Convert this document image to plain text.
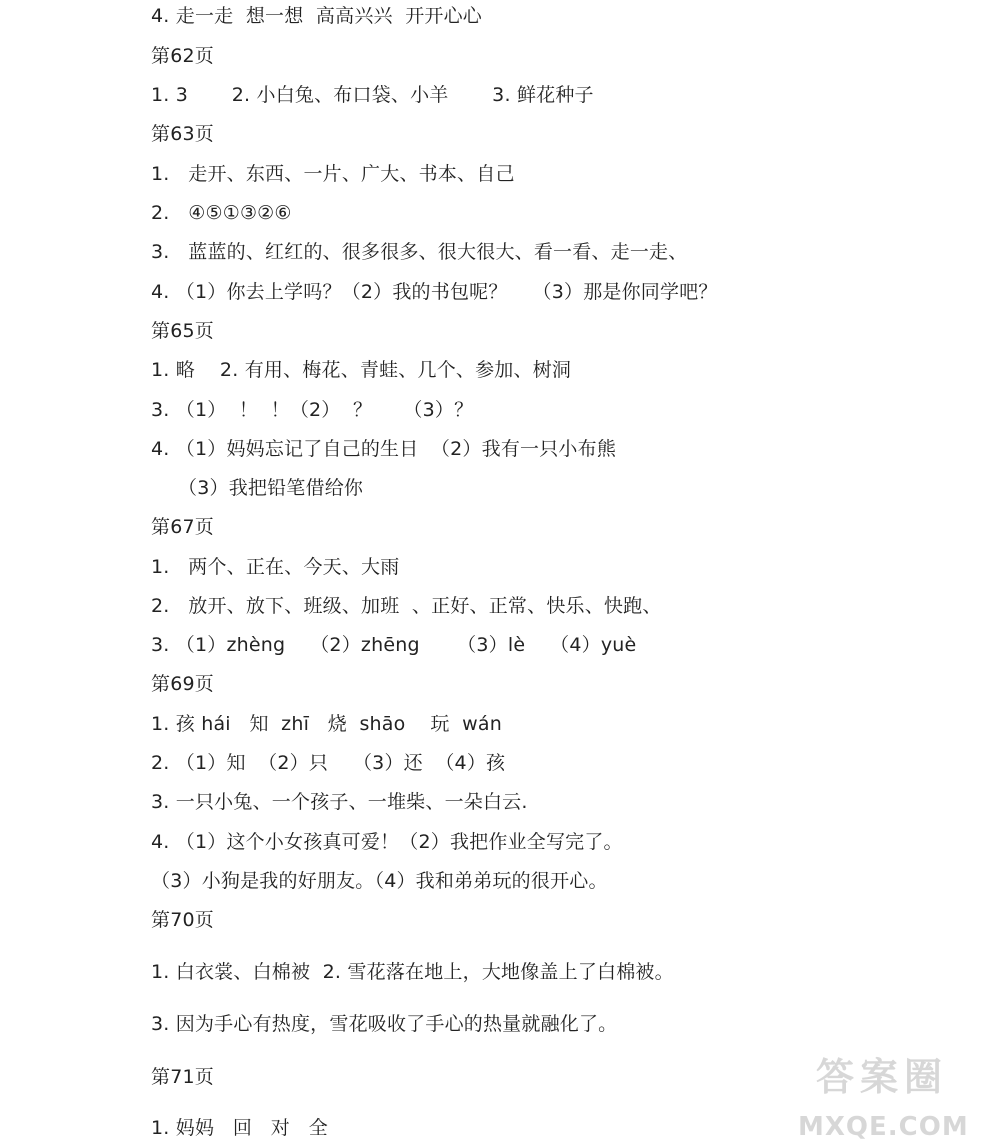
4. 走一走  想一想  高高兴兴  开开心心
第62页
1. 3       2. 小白兔、布口袋、小羊       3. 鲜花种子
第63页
1.   走开、东西、一片、广大、书本、自己
2.   ④⑤①③②⑥
3.   蓝蓝的、红红的、很多很多、很大很大、看一看、走一走、
4. （1）你去上学吗？（2）我的书包呢？    （3）那是你同学吧？
第65页
1. 略    2. 有用、梅花、青蛙、几个、参加、树洞
3. （1）  ！  ！（2）  ？     （3）？
4. （1）妈妈忘记了自己的生日  （2）我有一只小布熊
（3）我把铅笔借给你
第67页
1.   两个、正在、今天、大雨
2.   放开、放下、班级、加班  、正好、正常、快乐、快跑、
3. （1）zhèng    （2）zhēng      （3）lè    （4）yuè
第69页
1. 孩 hái   知  zhī   烧  shāo    玩  wán
2. （1）知  （2）只    （3）还  （4）孩
3. 一只小兔、一个孩子、一堆柴、一朵白云.
4. （1）这个小女孩真可爱！（2）我把作业全写完了。
（3）小狗是我的好朋友。（4）我和弟弟玩的很开心。
第70页
1. 白衣裳、白棉被  2. 雪花落在地上，大地像盖上了白棉被。
3. 因为手心有热度，雪花吸收了手心的热量就融化了。
第71页
1. 妈妈   回   对   全
答案圈
MXQE.COM
